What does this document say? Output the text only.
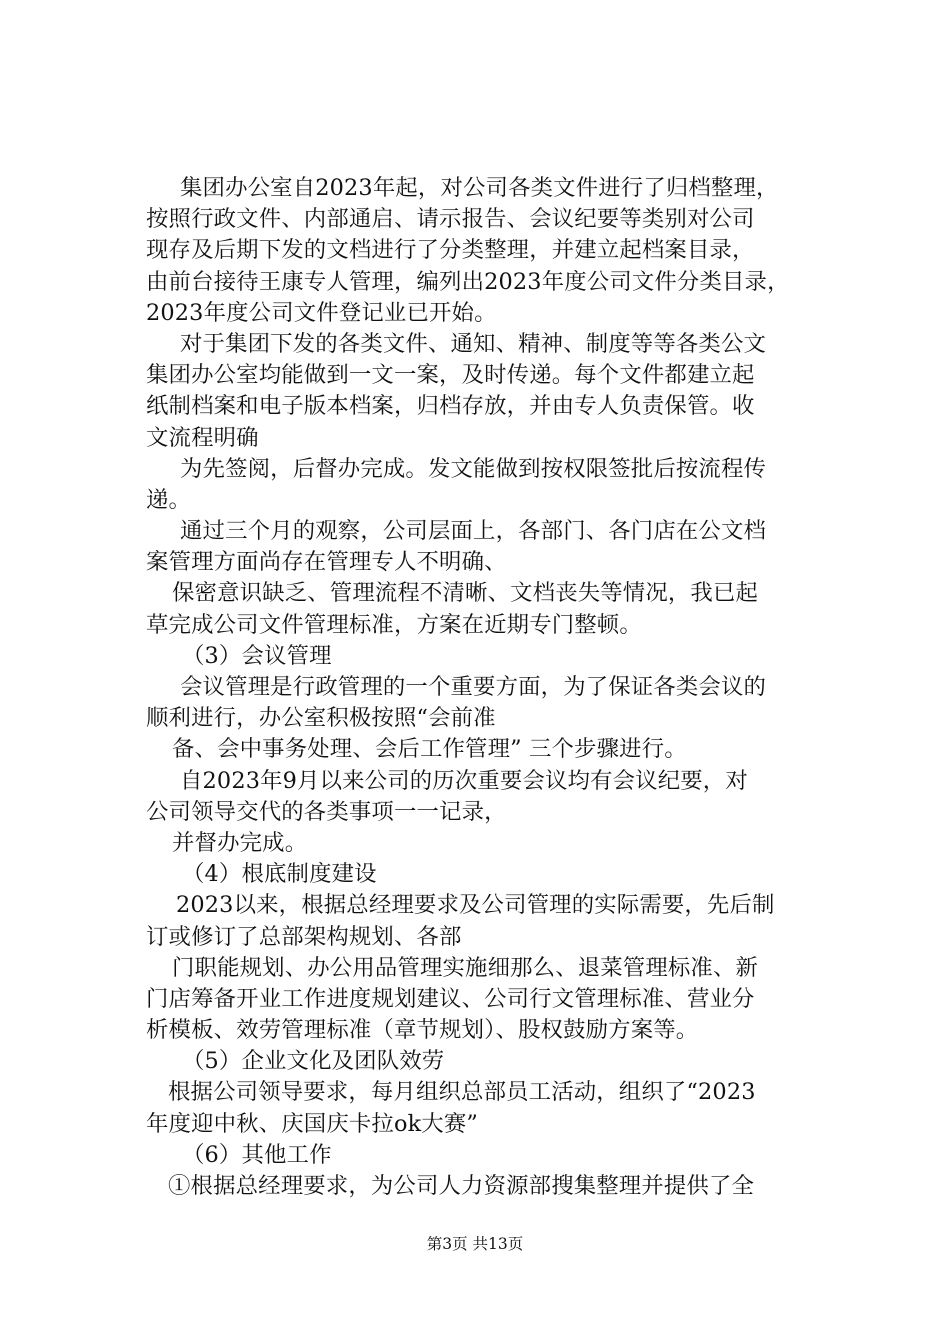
集团办公室自2023年起，对公司各类文件进行了归档整理，
按照行政文件、内部通启、请示报告、会议纪要等类别对公司
现存及后期下发的文档进行了分类整理，并建立起档案目录，
由前台接待王康专人管理，编列出2023年度公司文件分类目录，
2023年度公司文件登记业已开始。
对于集团下发的各类文件、通知、精神、制度等等各类公文
集团办公室均能做到一文一案，及时传递。每个文件都建立起
纸制档案和电子版本档案，归档存放，并由专人负责保管。收
文流程明确
为先签阅，后督办完成。发文能做到按权限签批后按流程传
递。
通过三个月的观察，公司层面上，各部门、各门店在公文档
案管理方面尚存在管理专人不明确、
保密意识缺乏、管理流程不清晰、文档丧失等情况，我已起
草完成公司文件管理标准，方案在近期专门整顿。
（3）会议管理
会议管理是行政管理的一个重要方面，为了保证各类会议的
顺利进行，办公室积极按照“会前准
备、会中事务处理、会后工作管理” 三个步骤进行。
自2023年9月以来公司的历次重要会议均有会议纪要，对
公司领导交代的各类事项一一记录，
并督办完成。
（4）根底制度建设
2023以来，根据总经理要求及公司管理的实际需要，先后制
订或修订了总部架构规划、各部
门职能规划、办公用品管理实施细那么、退菜管理标准、新
门店筹备开业工作进度规划建议、公司行文管理标准、营业分
析模板、效劳管理标准（章节规划）、股权鼓励方案等。
（5）企业文化及团队效劳
根据公司领导要求，每月组织总部员工活动，组织了“2023
年度迎中秋、庆国庆卡拉ok大赛”
（6）其他工作
①根据总经理要求，为公司人力资源部搜集整理并提供了全
第3页 共13页
